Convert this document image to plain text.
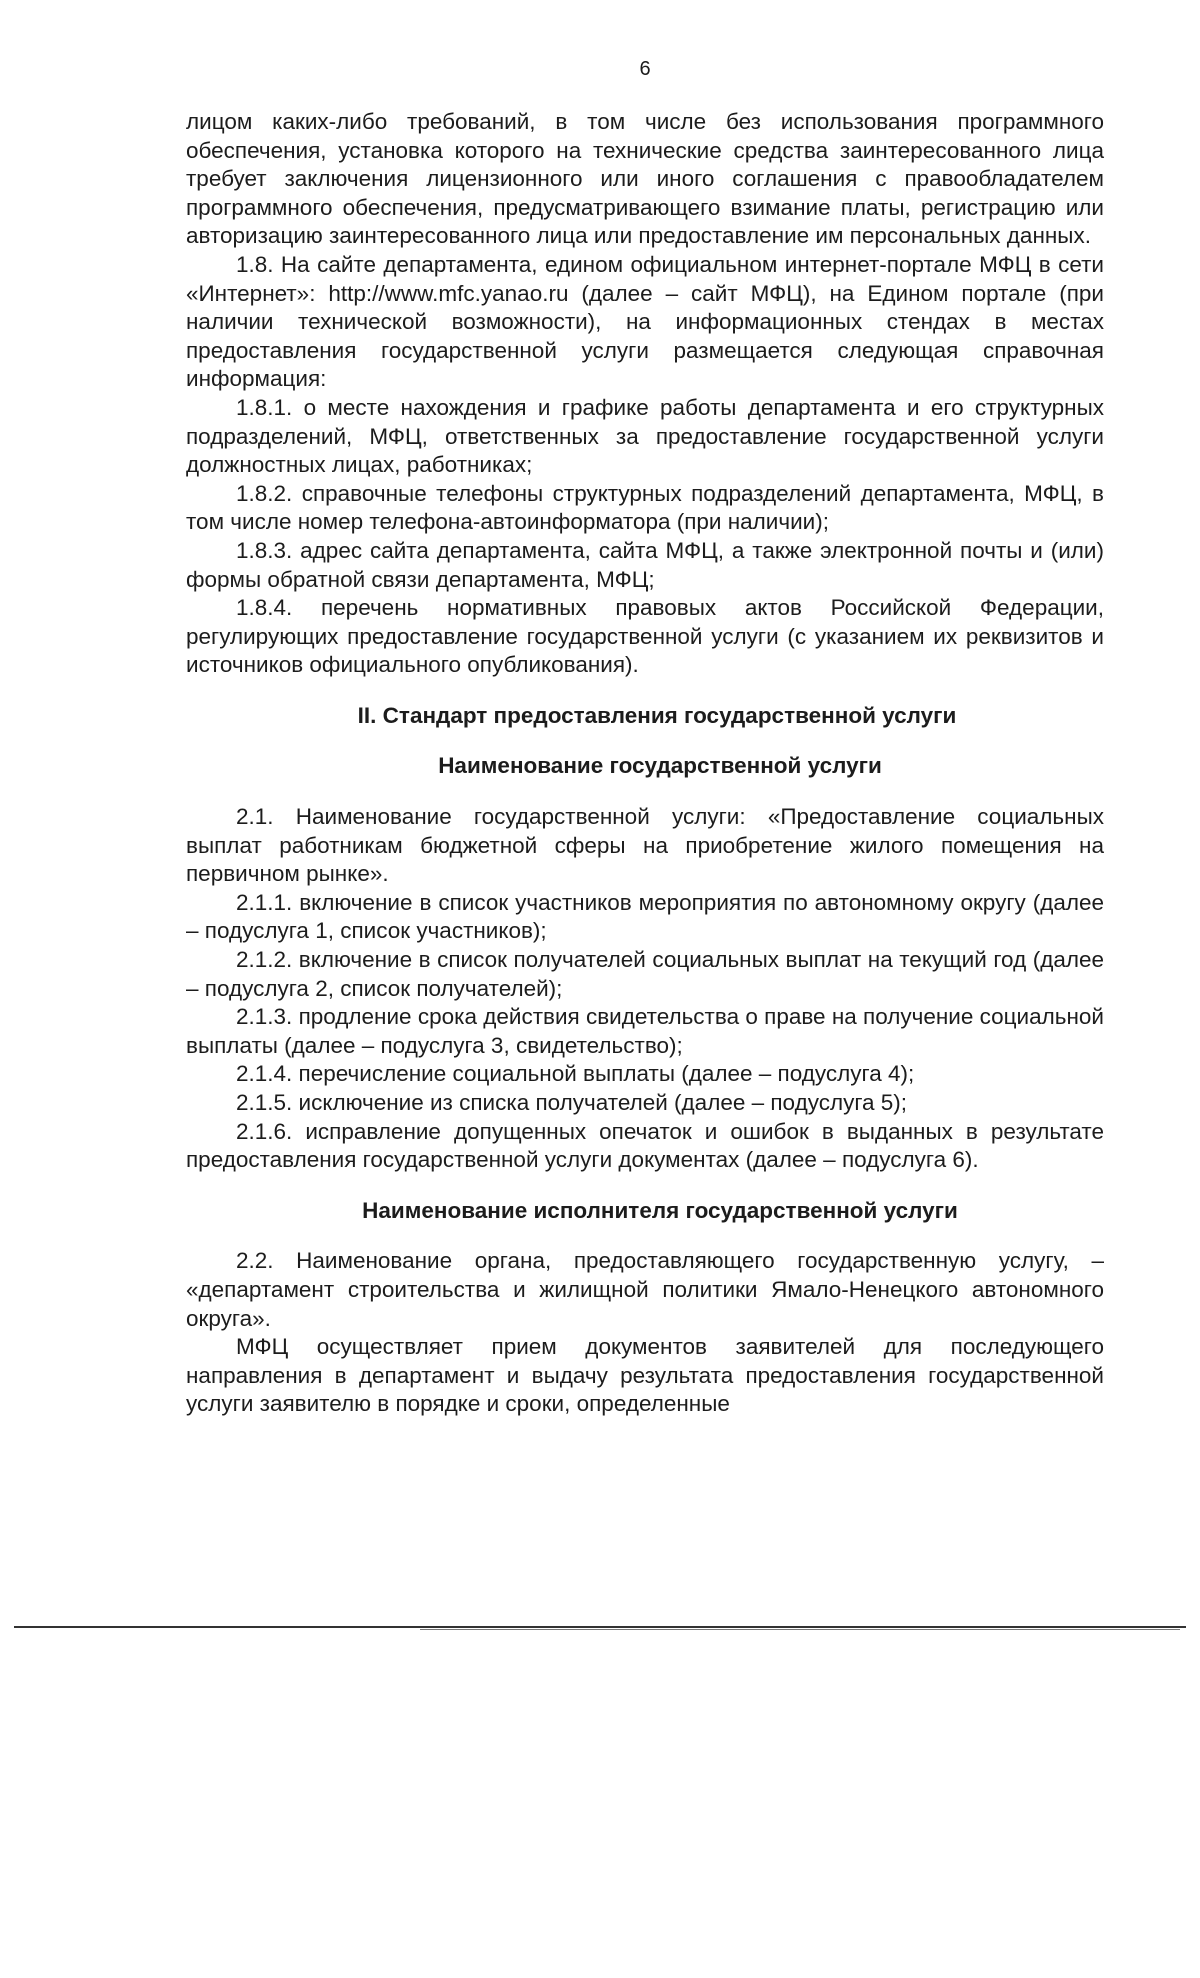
6

лицом каких-либо требований, в том числе без использования программного обеспечения, установка которого на технические средства заинтересованного лица требует заключения лицензионного или иного соглашения с правообладателем программного обеспечения, предусматривающего взимание платы, регистрацию или авторизацию заинтересованного лица или предоставление им персональных данных.

1.8. На сайте департамента, едином официальном интернет-портале МФЦ в сети «Интернет»: http://www.mfc.yanao.ru (далее – сайт МФЦ), на Едином портале (при наличии технической возможности), на информационных стендах в местах предоставления государственной услуги размещается следующая справочная информация:

1.8.1. о месте нахождения и графике работы департамента и его структурных подразделений, МФЦ, ответственных за предоставление государственной услуги должностных лицах, работниках;

1.8.2. справочные телефоны структурных подразделений департамента, МФЦ, в том числе номер телефона-автоинформатора (при наличии);

1.8.3. адрес сайта департамента, сайта МФЦ, а также электронной почты и (или) формы обратной связи департамента, МФЦ;

1.8.4. перечень нормативных правовых актов Российской Федерации, регулирующих предоставление государственной услуги (с указанием их реквизитов и источников официального опубликования).

II. Стандарт предоставления государственной услуги
Наименование государственной услуги

2.1. Наименование государственной услуги: «Предоставление социальных выплат работникам бюджетной сферы на приобретение жилого помещения на первичном рынке».

2.1.1. включение в список участников мероприятия по автономному округу (далее – подуслуга 1, список участников);

2.1.2. включение в список получателей социальных выплат на текущий год (далее – подуслуга 2, список получателей);

2.1.3. продление срока действия свидетельства о праве на получение социальной выплаты (далее – подуслуга 3, свидетельство);

2.1.4. перечисление социальной выплаты (далее – подуслуга 4);

2.1.5. исключение из списка получателей (далее – подуслуга 5);

2.1.6. исправление допущенных опечаток и ошибок в выданных в результате предоставления государственной услуги документах (далее – подуслуга 6).

Наименование исполнителя государственной услуги

2.2. Наименование органа, предоставляющего государственную услугу, – «департамент строительства и жилищной политики Ямало-Ненецкого автономного округа».

МФЦ осуществляет прием документов заявителей для последующего направления в департамент и выдачу результата предоставления государственной услуги заявителю в порядке и сроки, определенные
